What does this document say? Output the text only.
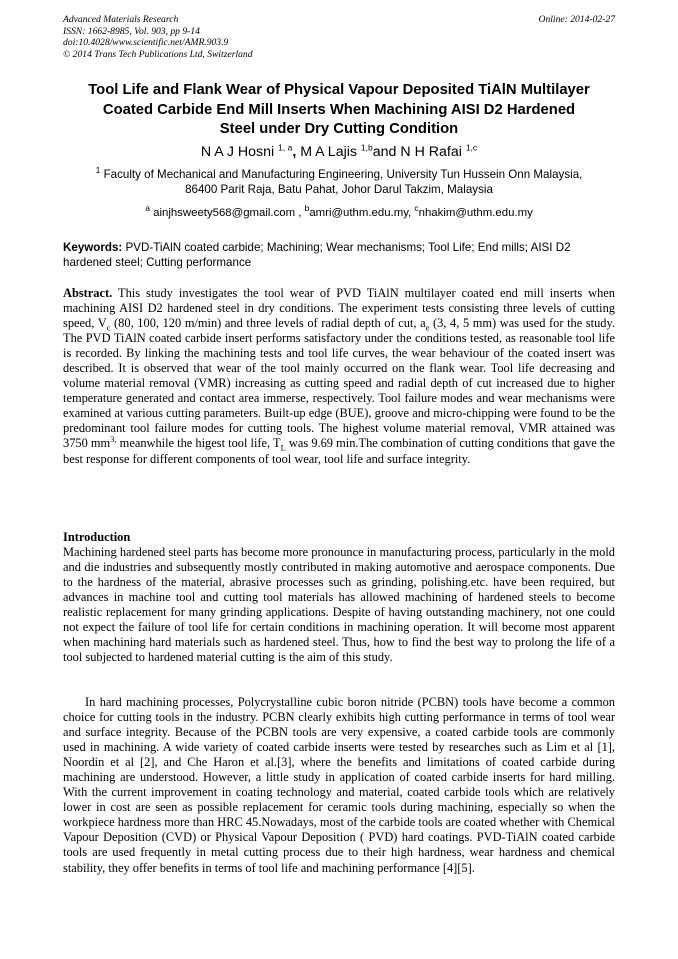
Advanced Materials Research
ISSN: 1662-8985, Vol. 903, pp 9-14
doi:10.4028/www.scientific.net/AMR.903.9
© 2014 Trans Tech Publications Ltd, Switzerland
Online: 2014-02-27
Tool Life and Flank Wear of Physical Vapour Deposited TiAlN Multilayer
Coated Carbide End Mill Inserts When Machining AISI D2 Hardened
Steel under Dry Cutting Condition
N A J Hosni $^{1, a}$, M A Lajis $^{1,b}$and N H Rafai $^{1,c}$
$^1$ Faculty of Mechanical and Manufacturing Engineering, University Tun Hussein Onn Malaysia,
86400 Parit Raja, Batu Pahat, Johor Darul Takzim, Malaysia
$^a$ ainjhsweety568@gmail.com , $^b$amri@uthm.edu.my, $^c$nhakim@uthm.edu.my
Keywords: PVD-TiAlN coated carbide; Machining; Wear mechanisms; Tool Life; End mills; AISI D2 hardened steel; Cutting performance
Abstract. This study investigates the tool wear of PVD TiAlN multilayer coated end mill inserts when machining AISI D2 hardened steel in dry conditions. The experiment tests consisting three levels of cutting speed, $V_c$ (80, 100, 120 m/min) and three levels of radial depth of cut, $a_e$ (3, 4, 5 mm) was used for the study. The PVD TiAlN coated carbide insert performs satisfactory under the conditions tested, as reasonable tool life is recorded. By linking the machining tests and tool life curves, the wear behaviour of the coated insert was described. It is observed that wear of the tool mainly occurred on the flank wear. Tool life decreasing and volume material removal (VMR) increasing as cutting speed and radial depth of cut increased due to higher temperature generated and contact area immerse, respectively. Tool failure modes and wear mechanisms were examined at various cutting parameters. Built-up edge (BUE), groove and micro-chipping were found to be the predominant tool failure modes for cutting tools. The highest volume material removal, VMR attained was 3750 $mm^{3,}$ meanwhile the higest tool life, $T_L$ was 9.69 min.The combination of cutting conditions that gave the best response for different components of tool wear, tool life and surface integrity.
Introduction
Machining hardened steel parts has become more pronounce in manufacturing process, particularly in the mold and die industries and subsequently mostly contributed in making automotive and aerospace components. Due to the hardness of the material, abrasive processes such as grinding, polishing.etc. have been required, but advances in machine tool and cutting tool materials has allowed machining of hardened steels to become realistic replacement for many grinding applications. Despite of having outstanding machinery, not one could not expect the failure of tool life for certain conditions in machining operation. It will become most apparent when machining hard materials such as hardened steel. Thus, how to find the best way to prolong the life of a tool subjected to hardened material cutting is the aim of this study.
In hard machining processes, Polycrystalline cubic boron nitride (PCBN) tools have become a common choice for cutting tools in the industry. PCBN clearly exhibits high cutting performance in terms of tool wear and surface integrity. Because of the PCBN tools are very expensive, a coated carbide tools are commonly used in machining. A wide variety of coated carbide inserts were tested by researches such as Lim et al [1], Noordin et al [2], and Che Haron et al.[3], where the benefits and limitations of coated carbide during machining are understood. However, a little study in application of coated carbide inserts for hard milling. With the current improvement in coating technology and material, coated carbide tools which are relatively lower in cost are seen as possible replacement for ceramic tools during machining, especially so when the workpiece hardness more than HRC 45.Nowadays, most of the carbide tools are coated whether with Chemical Vapour Deposition (CVD) or Physical Vapour Deposition ( PVD) hard coatings. PVD-TiAlN coated carbide tools are used frequently in metal cutting process due to their high hardness, wear hardness and chemical stability, they offer benefits in terms of tool life and machining performance [4][5].
